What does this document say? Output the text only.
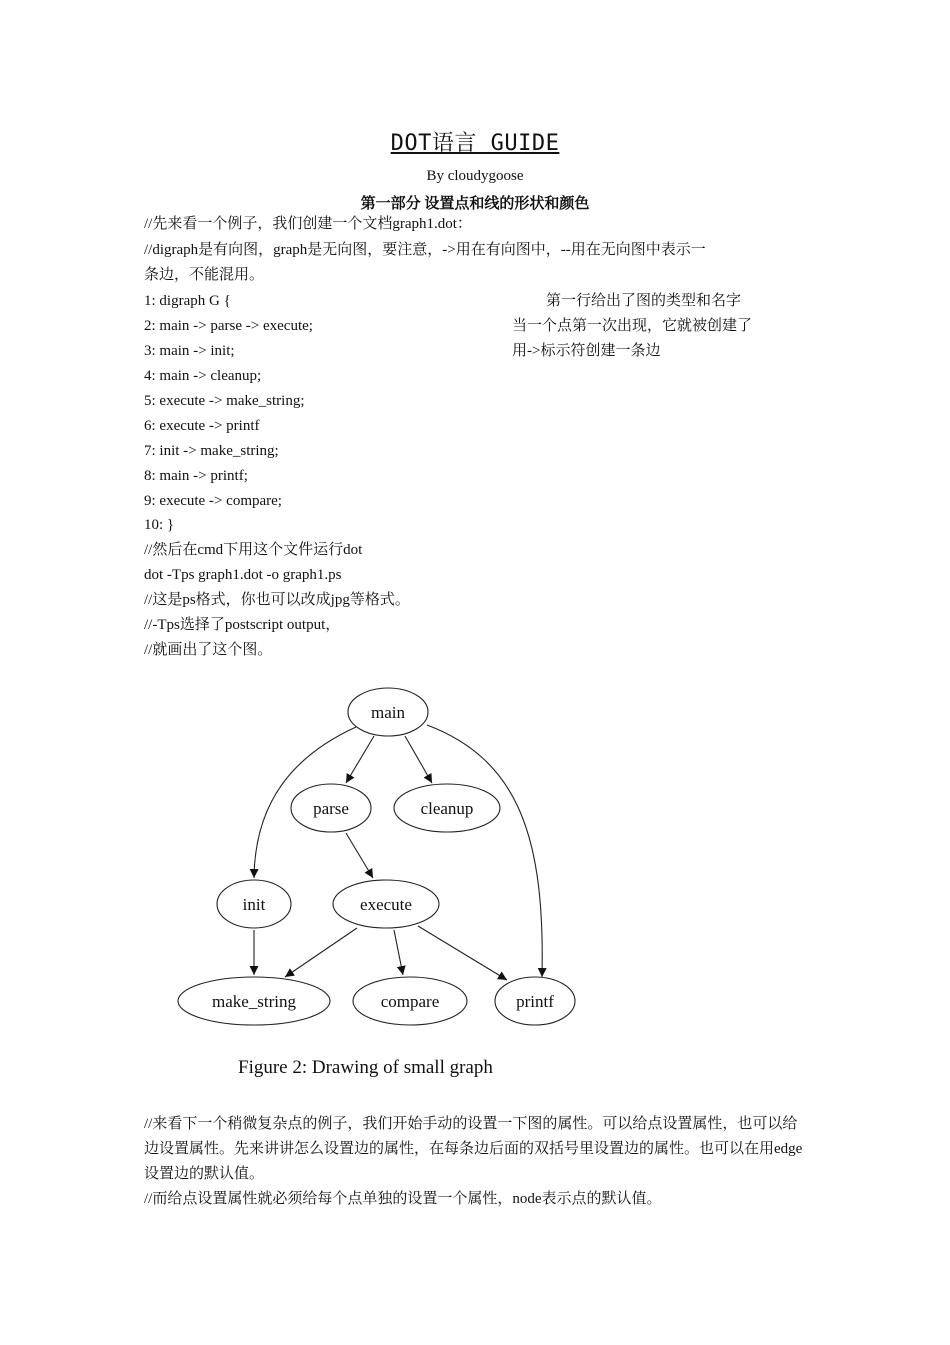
DOT语言 GUIDE
By cloudygoose
第一部分 设置点和线的形状和颜色
//先来看一个例子，我们创建一个文档graph1.dot：
//digraph是有向图，graph是无向图，要注意，->用在有向图中，--用在无向图中表示一
条边，不能混用。
1: digraph G {
2: main -> parse -> execute;
3: main -> init;
4: main -> cleanup;
5: execute -> make_string;
6: execute -> printf
7: init -> make_string;
8: main -> printf;
9: execute -> compare;
10: }
第一行给出了图的类型和名字
当一个点第一次出现，它就被创建了
用->标示符创建一条边
//然后在cmd下用这个文件运行dot
dot -Tps graph1.dot -o graph1.ps
//这是ps格式，你也可以改成jpg等格式。
//-Tps选择了postscript output，
//就画出了这个图。
main
parse	cleanup
init	execute
make_string	compare	printf
Figure 2: Drawing of small graph
//来看下一个稍微复杂点的例子，我们开始手动的设置一下图的属性。可以给点设置属性，也可以给边设置属性。先来讲讲怎么设置边的属性，在每条边后面的双括号里设置边的属性。也可以在用edge设置边的默认值。
//而给点设置属性就必须给每个点单独的设置一个属性，node表示点的默认值。
